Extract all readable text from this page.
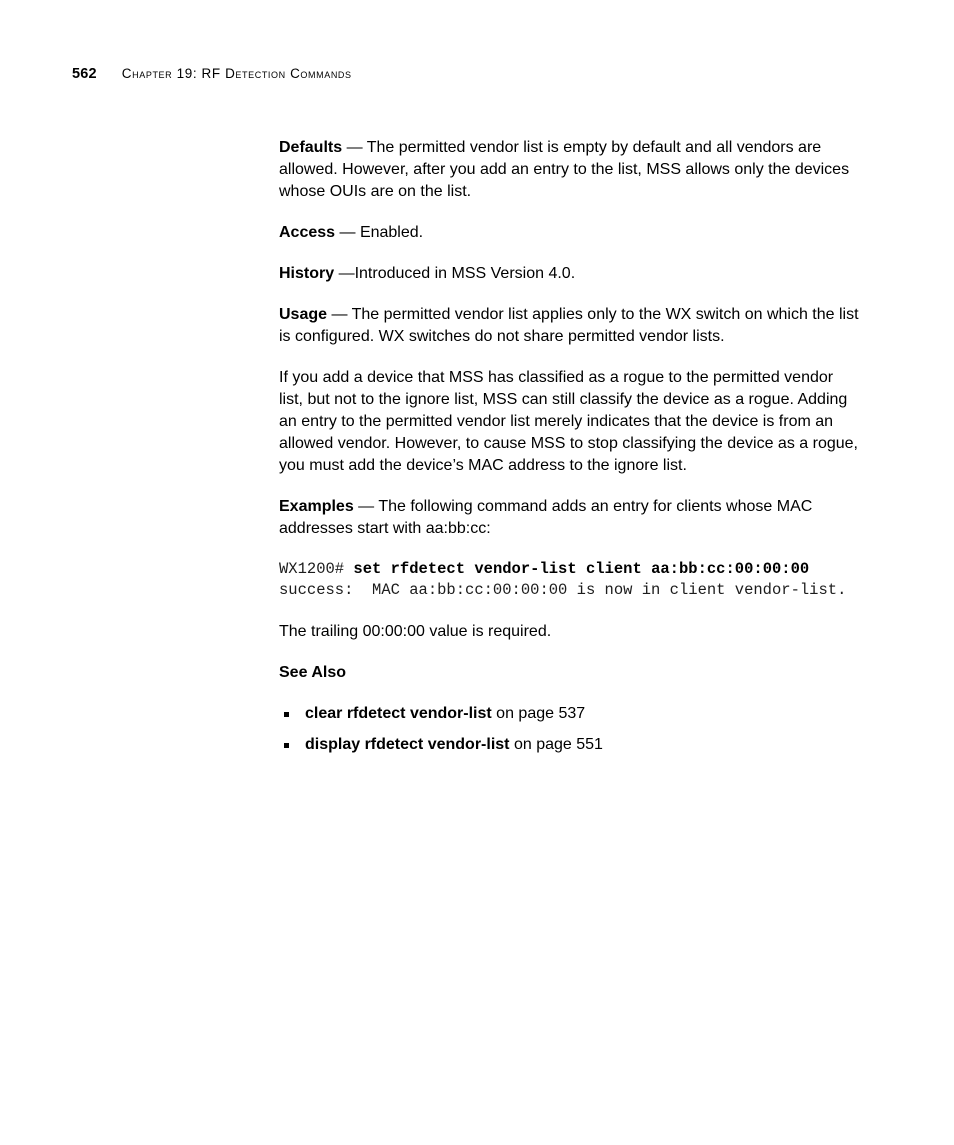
562 Chapter 19: RF Detection Commands

Defaults — The permitted vendor list is empty by default and all vendors are allowed. However, after you add an entry to the list, MSS allows only the devices whose OUIs are on the list.

Access — Enabled.

History —Introduced in MSS Version 4.0.

Usage — The permitted vendor list applies only to the WX switch on which the list is configured. WX switches do not share permitted vendor lists.

If you add a device that MSS has classified as a rogue to the permitted vendor list, but not to the ignore list, MSS can still classify the device as a rogue. Adding an entry to the permitted vendor list merely indicates that the device is from an allowed vendor. However, to cause MSS to stop classifying the device as a rogue, you must add the device’s MAC address to the ignore list.

Examples — The following command adds an entry for clients whose MAC addresses start with aa:bb:cc:

WX1200# set rfdetect vendor-list client aa:bb:cc:00:00:00
success:  MAC aa:bb:cc:00:00:00 is now in client vendor-list.

The trailing 00:00:00 value is required.

See Also

clear rfdetect vendor-list on page 537
display rfdetect vendor-list on page 551
